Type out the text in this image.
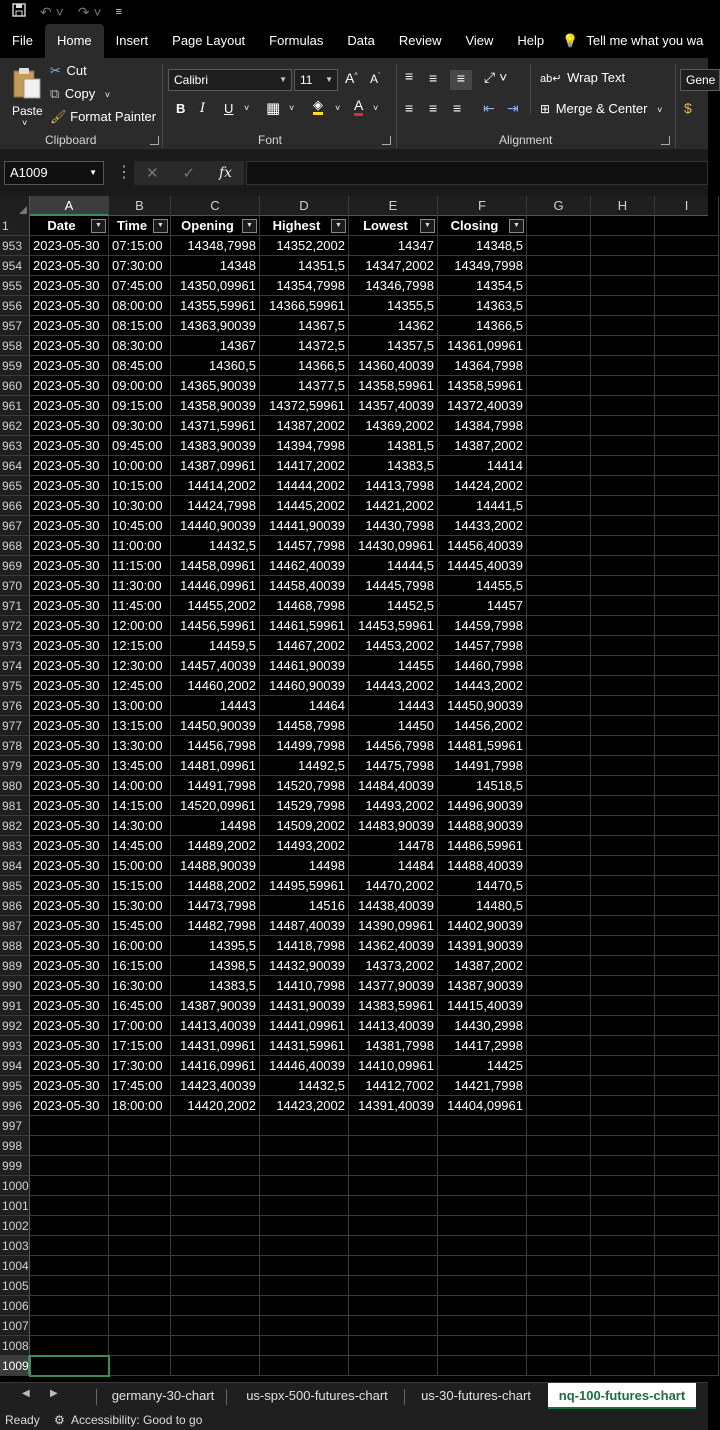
↶ ˅ ↷ ˅ ≡
File	Home	Insert	Page Layout	Formulas	Data	Review	View	Help	💡 Tell me what you wa
Paste
˅
✂ Cut
⧉ Copy ˅
🖌 Format Painter
Clipboard
Calibri	▼	11 ▼ A^ $A^ˇ$
B I U ˅ ▦ ˅ ◈ ˅ A ˅
Font
≡ ≡	≡	⤢ ˅
≡ ≡ ≡ ⇤ ⇥
ab↵ Wrap Text
⊞ Merge & Center ˅
Alignment
Gene
$
A1009	▼ ⋮ ✕ ✓ fx
A	B	C	D	E	F	G	H	I
1	Date	▼	Time	▼	Opening	▼	Highest	▼	Lowest	▼	Closing	▼
953 2023-05-30 07:15:00	14348,7998	14352,2002	14347	14348,5
954 2023-05-30 07:30:00	14348	14351,5	14347,2002	14349,7998
955 2023-05-30 07:45:00	14350,09961	14354,7998	14346,7998	14354,5
956 2023-05-30 08:00:00	14355,59961	14366,59961	14355,5	14363,5
957 2023-05-30 08:15:00	14363,90039	14367,5	14362	14366,5
958 2023-05-30 08:30:00	14367	14372,5	14357,5	14361,09961
959 2023-05-30 08:45:00	14360,5	14366,5	14360,40039	14364,7998
960 2023-05-30 09:00:00	14365,90039	14377,5	14358,59961	14358,59961
961 2023-05-30 09:15:00	14358,90039	14372,59961	14357,40039	14372,40039
962 2023-05-30 09:30:00	14371,59961	14387,2002	14369,2002	14384,7998
963 2023-05-30 09:45:00	14383,90039	14394,7998	14381,5	14387,2002
964 2023-05-30 10:00:00	14387,09961	14417,2002	14383,5	14414
965 2023-05-30 10:15:00	14414,2002	14444,2002	14413,7998	14424,2002
966 2023-05-30 10:30:00	14424,7998	14445,2002	14421,2002	14441,5
967 2023-05-30 10:45:00	14440,90039	14441,90039	14430,7998	14433,2002
968 2023-05-30 11:00:00	14432,5	14457,7998	14430,09961	14456,40039
969 2023-05-30 11:15:00	14458,09961	14462,40039	14444,5	14445,40039
970 2023-05-30 11:30:00	14446,09961	14458,40039	14445,7998	14455,5
971 2023-05-30 11:45:00	14455,2002	14468,7998	14452,5	14457
972 2023-05-30 12:00:00	14456,59961	14461,59961	14453,59961	14459,7998
973 2023-05-30 12:15:00	14459,5	14467,2002	14453,2002	14457,7998
974 2023-05-30 12:30:00	14457,40039	14461,90039	14455	14460,7998
975 2023-05-30 12:45:00	14460,2002	14460,90039	14443,2002	14443,2002
976 2023-05-30 13:00:00	14443	14464	14443	14450,90039
977 2023-05-30 13:15:00	14450,90039	14458,7998	14450	14456,2002
978 2023-05-30 13:30:00	14456,7998	14499,7998	14456,7998	14481,59961
979 2023-05-30 13:45:00	14481,09961	14492,5	14475,7998	14491,7998
980 2023-05-30 14:00:00	14491,7998	14520,7998	14484,40039	14518,5
981 2023-05-30 14:15:00	14520,09961	14529,7998	14493,2002	14496,90039
982 2023-05-30 14:30:00	14498	14509,2002	14483,90039	14488,90039
983 2023-05-30 14:45:00	14489,2002	14493,2002	14478	14486,59961
984 2023-05-30 15:00:00	14488,90039	14498	14484	14488,40039
985 2023-05-30 15:15:00	14488,2002	14495,59961	14470,2002	14470,5
986 2023-05-30 15:30:00	14473,7998	14516	14438,40039	14480,5
987 2023-05-30 15:45:00	14482,7998	14487,40039	14390,09961	14402,90039
988 2023-05-30 16:00:00	14395,5	14418,7998	14362,40039	14391,90039
989 2023-05-30 16:15:00	14398,5	14432,90039	14373,2002	14387,2002
990 2023-05-30 16:30:00	14383,5	14410,7998	14377,90039	14387,90039
991 2023-05-30 16:45:00	14387,90039	14431,90039	14383,59961	14415,40039
992 2023-05-30 17:00:00	14413,40039	14441,09961	14413,40039	14430,2998
993 2023-05-30 17:15:00	14431,09961	14431,59961	14381,7998	14417,2998
994 2023-05-30 17:30:00	14416,09961	14446,40039	14410,09961	14425
995 2023-05-30 17:45:00	14423,40039	14432,5	14412,7002	14421,7998
996 2023-05-30 18:00:00	14420,2002	14423,2002	14391,40039	14404,09961
997
998
999
1000
1001
1002
1003
1004
1005
1006
1007
1008
1009
◀ ▶	germany-30-chart	us-spx-500-futures-chart	us-30-futures-chart	nq-100-futures-chart
Ready ⚙ Accessibility: Good to go
